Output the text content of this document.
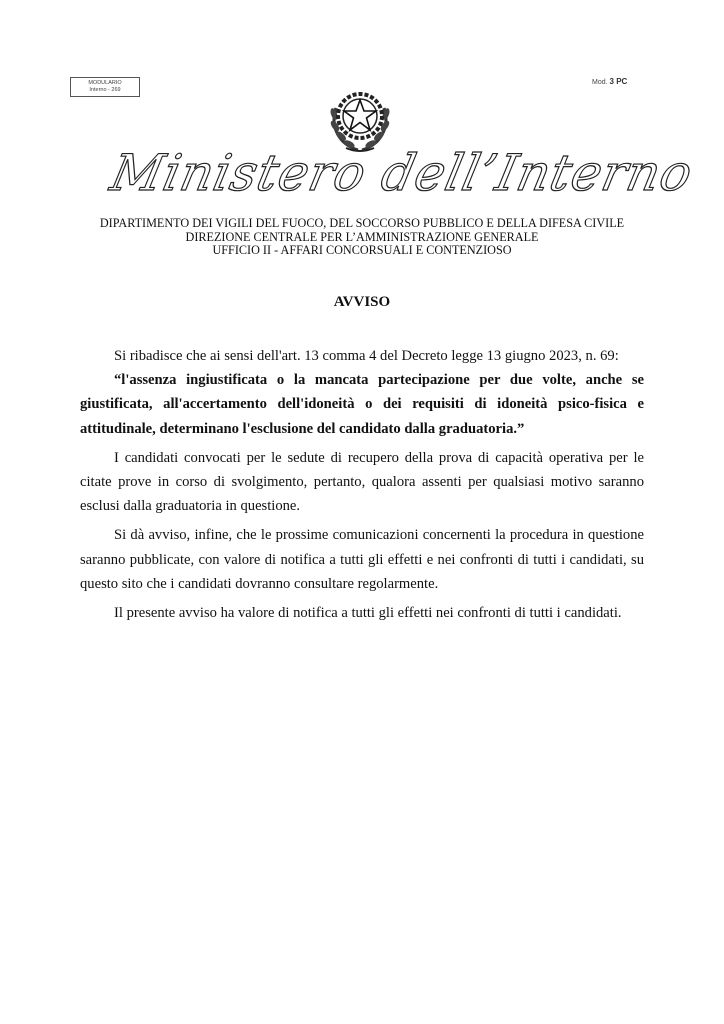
MODULARIO
Interno - 269
Mod. 3 PC
Ministero dell’Interno
DIPARTIMENTO DEI VIGILI DEL FUOCO, DEL SOCCORSO PUBBLICO E DELLA DIFESA CIVILE
DIREZIONE CENTRALE PER L’AMMINISTRAZIONE GENERALE
UFFICIO II - AFFARI CONCORSUALI E CONTENZIOSO
AVVISO

Si ribadisce che ai sensi dell'art. 13 comma 4 del Decreto legge 13 giugno 2023, n. 69:

“l'assenza ingiustificata o la mancata partecipazione per due volte, anche se giustificata, all'accertamento dell'idoneità o dei requisiti di idoneità psico-fisica e attitudinale, determinano l'esclusione del candidato dalla graduatoria.”

I candidati convocati per le sedute di recupero della prova di capacità operativa per le citate prove in corso di svolgimento, pertanto, qualora assenti per qualsiasi motivo saranno esclusi dalla graduatoria in questione.

Si dà avviso, infine, che le prossime comunicazioni concernenti la procedura in questione saranno pubblicate, con valore di notifica a tutti gli effetti e nei confronti di tutti i candidati, su questo sito che i candidati dovranno consultare regolarmente.

Il presente avviso ha valore di notifica a tutti gli effetti nei confronti di tutti i candidati.
